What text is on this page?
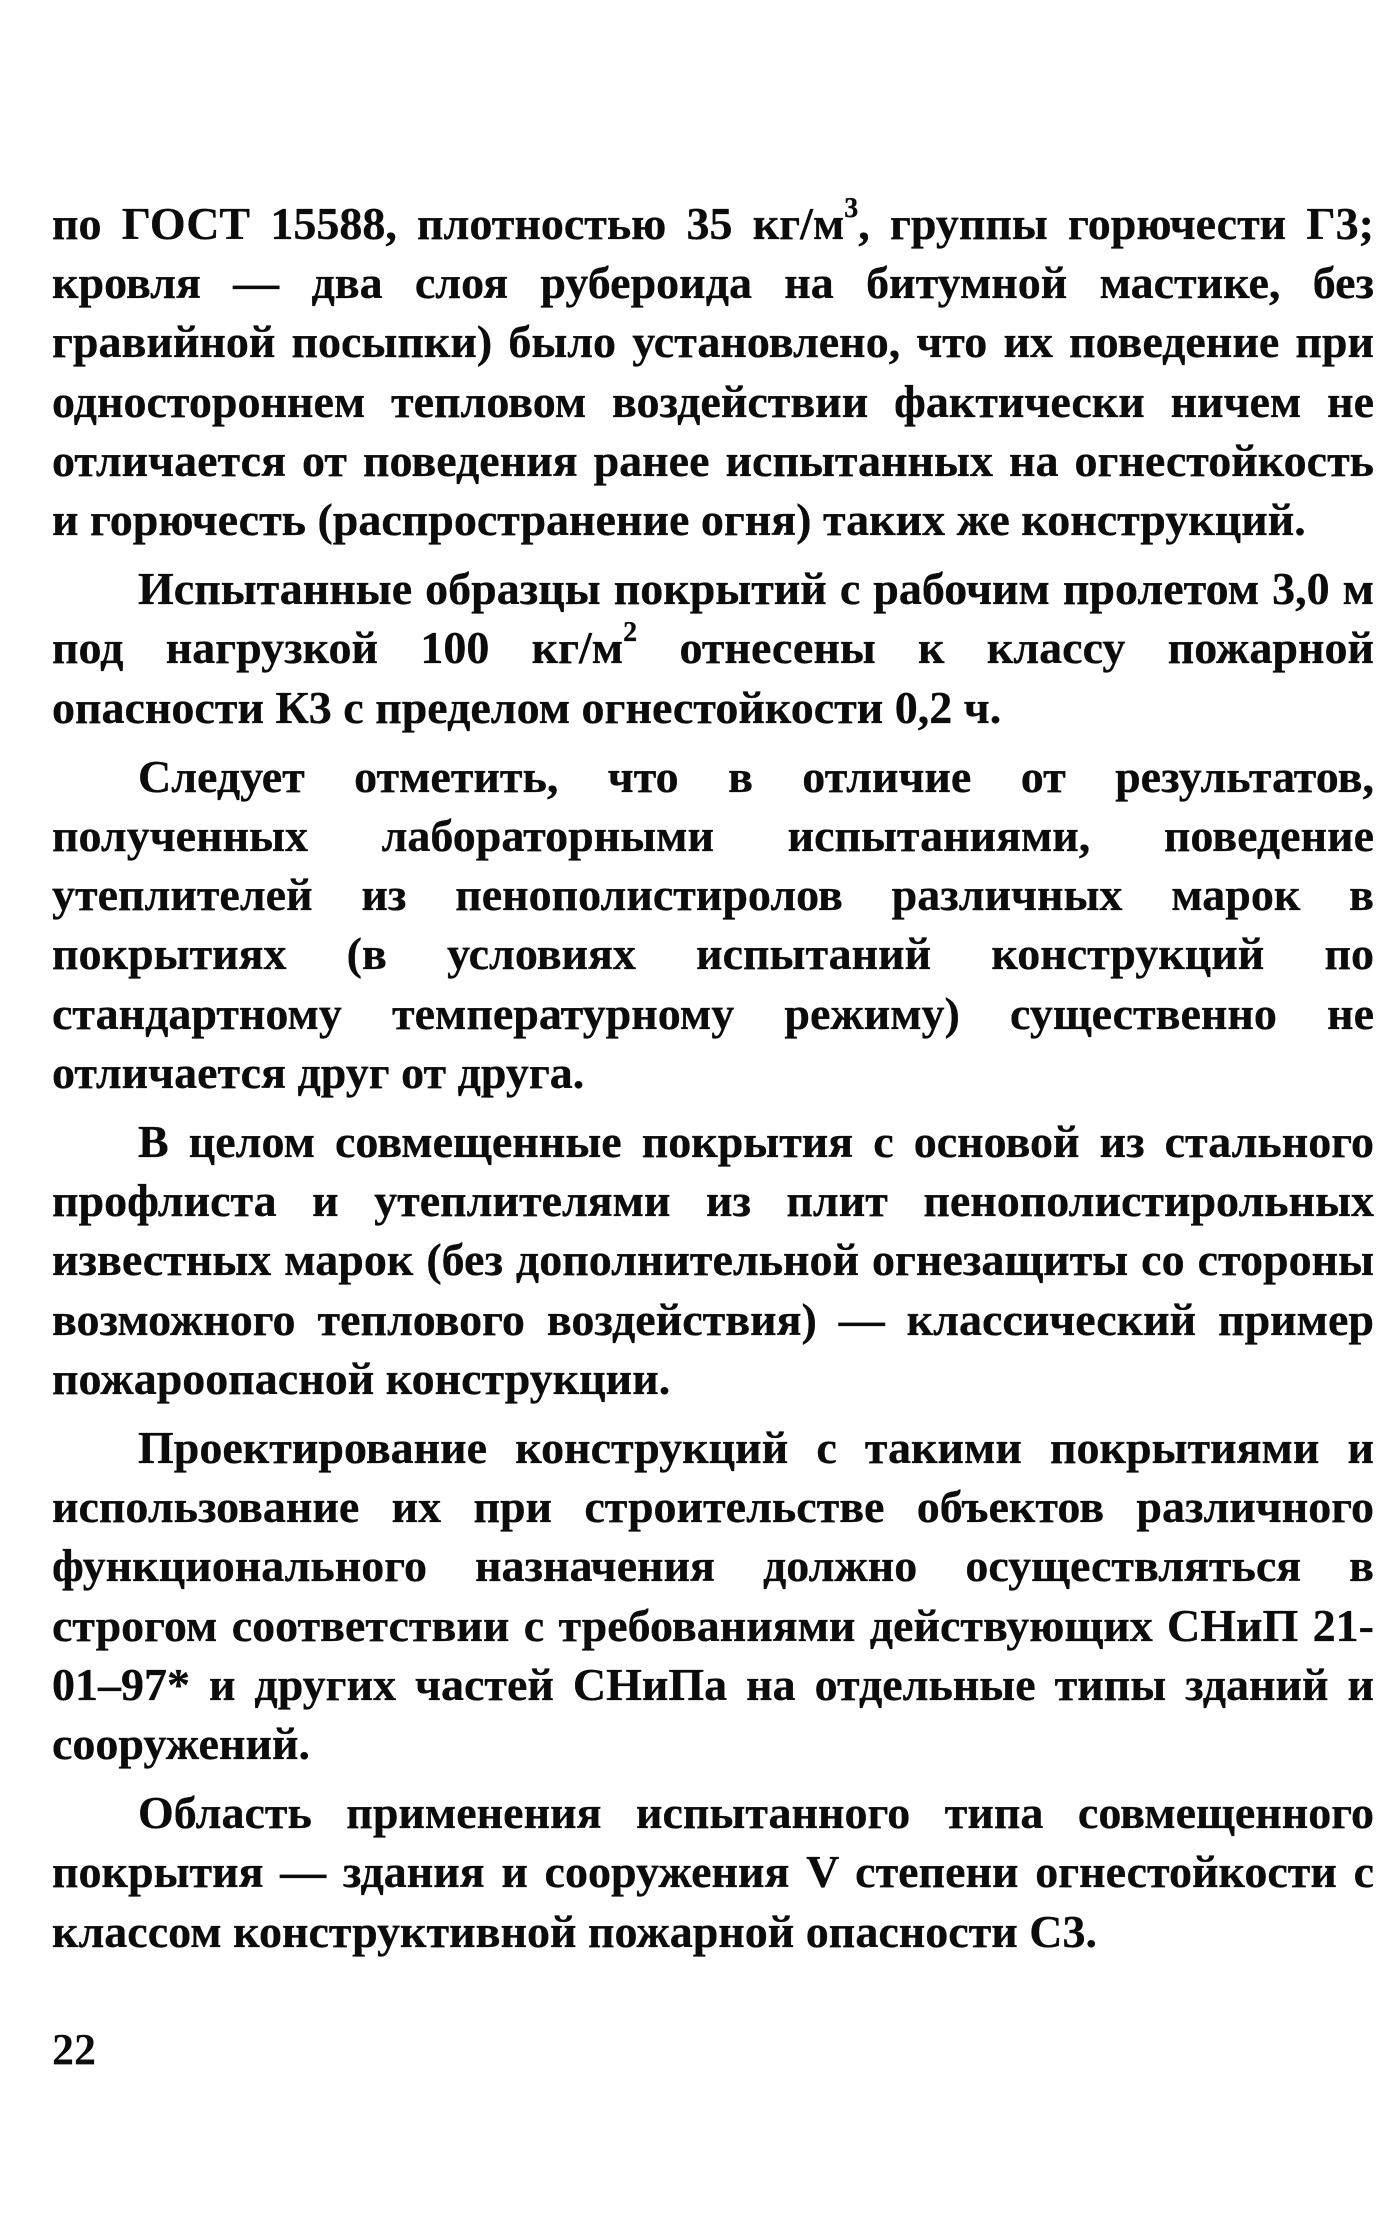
по ГОСТ 15588, плотностью 35 $кг/м^3$, группы горючести Г3; кровля — два слоя рубероида на битумной мастике, без гравийной посыпки) было установлено, что их поведение при одностороннем тепловом воздействии фактически ничем не отличается от поведения ранее испытанных на огнестойкость и горючесть (распространение огня) таких же конструкций.

Испытанные образцы покрытий с рабочим пролетом 3,0 м под нагрузкой 100 $кг/м^2$ отнесены к классу пожарной опасности К3 с пределом огнестойкости 0,2 ч.

Следует отметить, что в отличие от результатов, полученных лабораторными испытаниями, поведение утеплителей из пенополистиролов различных марок в покрытиях (в условиях испытаний конструкций по стандартному температурному режиму) существенно не отличается друг от друга.

В целом совмещенные покрытия с основой из стального профлиста и утеплителями из плит пенополистирольных известных марок (без дополнительной огнезащиты со стороны возможного теплового воздействия) — классический пример пожароопасной конструкции.

Проектирование конструкций с такими покрытиями и использование их при строительстве объектов различного функционального назначения должно осуществляться в строгом соответствии с требованиями действующих СНиП 21-01–97* и других частей СНиПа на отдельные типы зданий и сооружений.

Область применения испытанного типа совмещенного покрытия — здания и сооружения V степени огнестойкости с классом конструктивной пожарной опасности С3.

22
